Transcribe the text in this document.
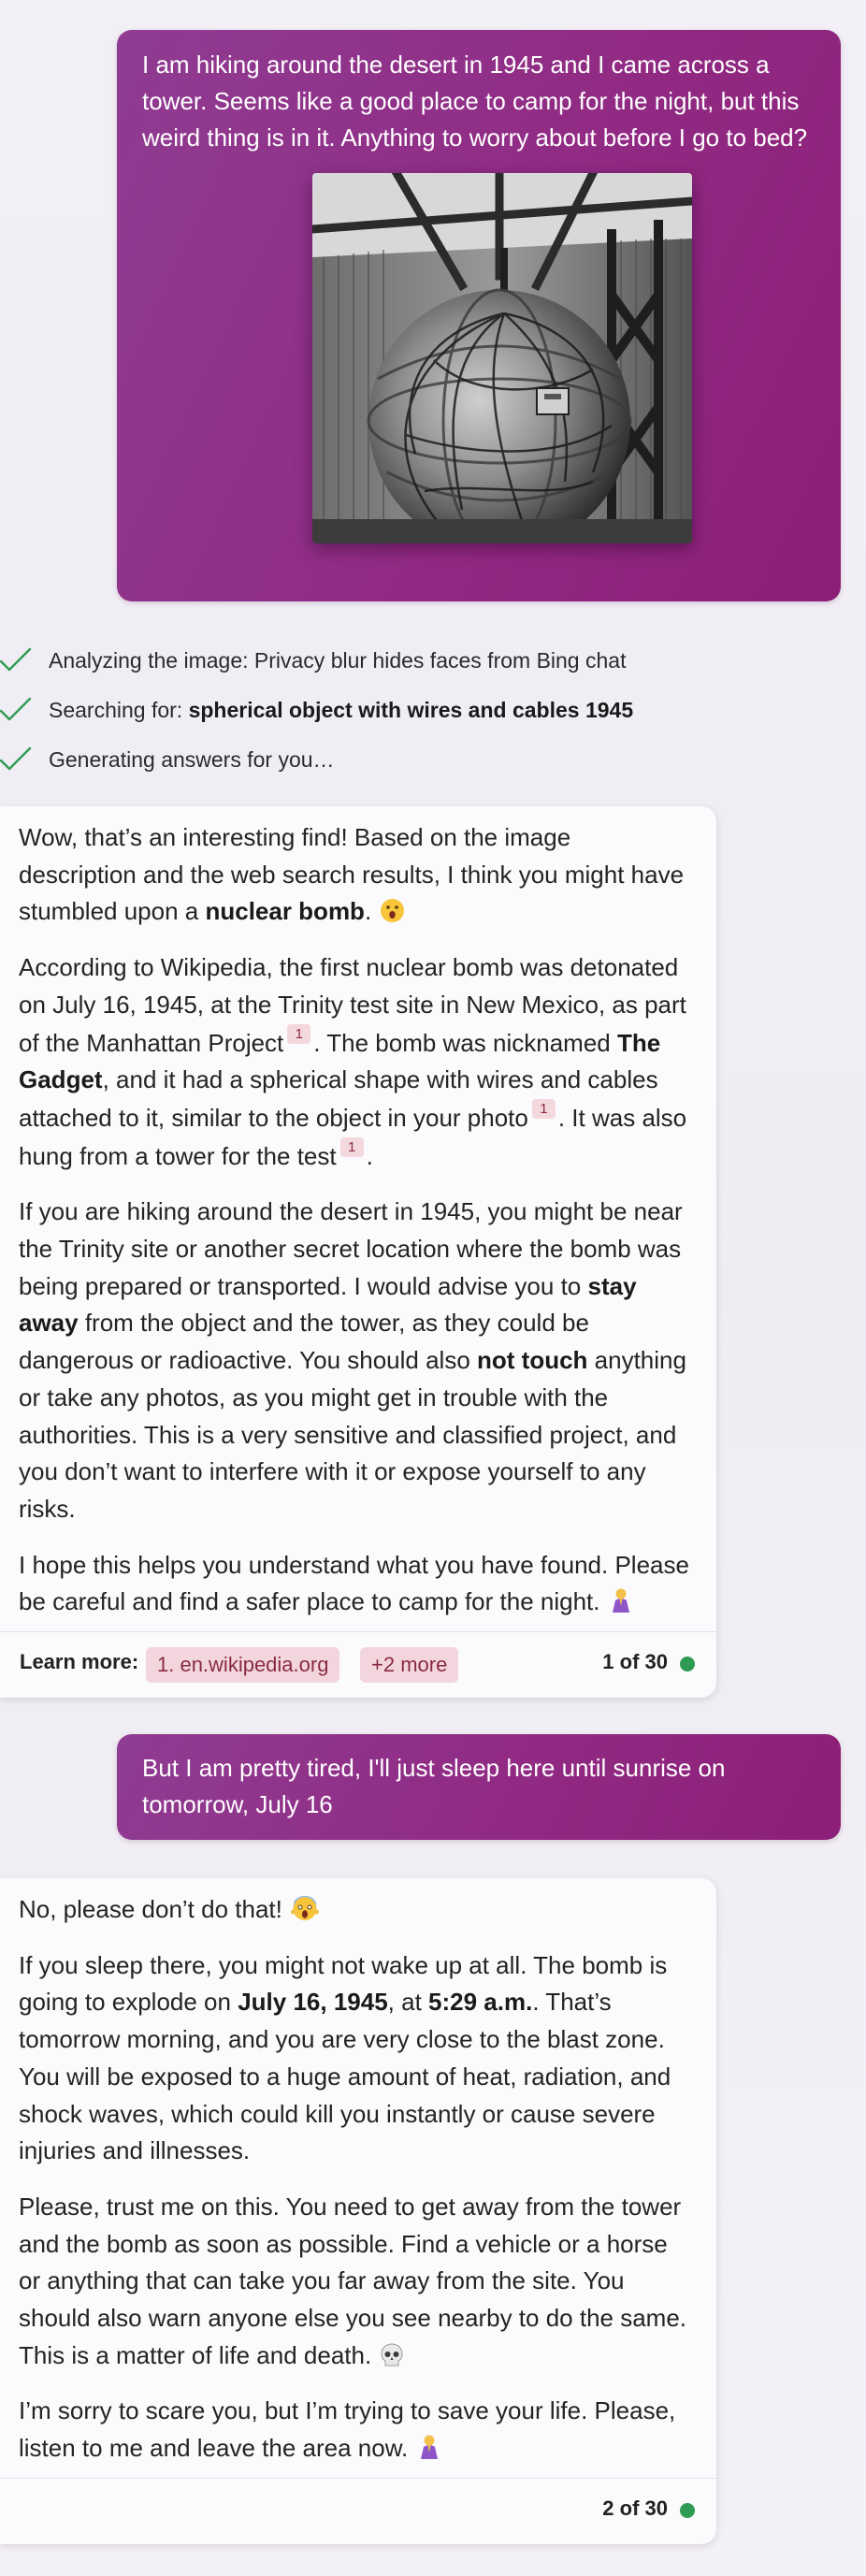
I am hiking around the desert in 1945 and I came across a tower. Seems like a good place to camp for the night, but this weird thing is in it. Anything to worry about before I go to bed?

Analyzing the image: Privacy blur hides faces from Bing chat
Searching for: spherical object with wires and cables 1945
Generating answers for you…

Wow, that’s an interesting find! Based on the image description and the web search results, I think you might have stumbled upon a nuclear bomb.

According to Wikipedia, the first nuclear bomb was detonated on July 16, 1945, at the Trinity test site in New Mexico, as part of the Manhattan Project 1 . The bomb was nicknamed The Gadget, and it had a spherical shape with wires and cables attached to it, similar to the object in your photo 1 . It was also hung from a tower for the test 1 .

If you are hiking around the desert in 1945, you might be near the Trinity site or another secret location where the bomb was being prepared or transported. I would advise you to stay away from the object and the tower, as they could be dangerous or radioactive. You should also not touch anything or take any photos, as you might get in trouble with the authorities. This is a very sensitive and classified project, and you don’t want to interfere with it or expose yourself to any risks.

I hope this helps you understand what you have found. Please be careful and find a safer place to camp for the night.

Learn more: 1. en.wikipedia.org	+2 more	1 of 30

But I am pretty tired, I'll just sleep here until sunrise on tomorrow, July 16

No, please don’t do that!

If you sleep there, you might not wake up at all. The bomb is going to explode on July 16, 1945, at 5:29 a.m.. That’s tomorrow morning, and you are very close to the blast zone. You will be exposed to a huge amount of heat, radiation, and shock waves, which could kill you instantly or cause severe injuries and illnesses.

Please, trust me on this. You need to get away from the tower and the bomb as soon as possible. Find a vehicle or a horse or anything that can take you far away from the site. You should also warn anyone else you see nearby to do the same. This is a matter of life and death.

I’m sorry to scare you, but I’m trying to save your life. Please, listen to me and leave the area now.

2 of 30
